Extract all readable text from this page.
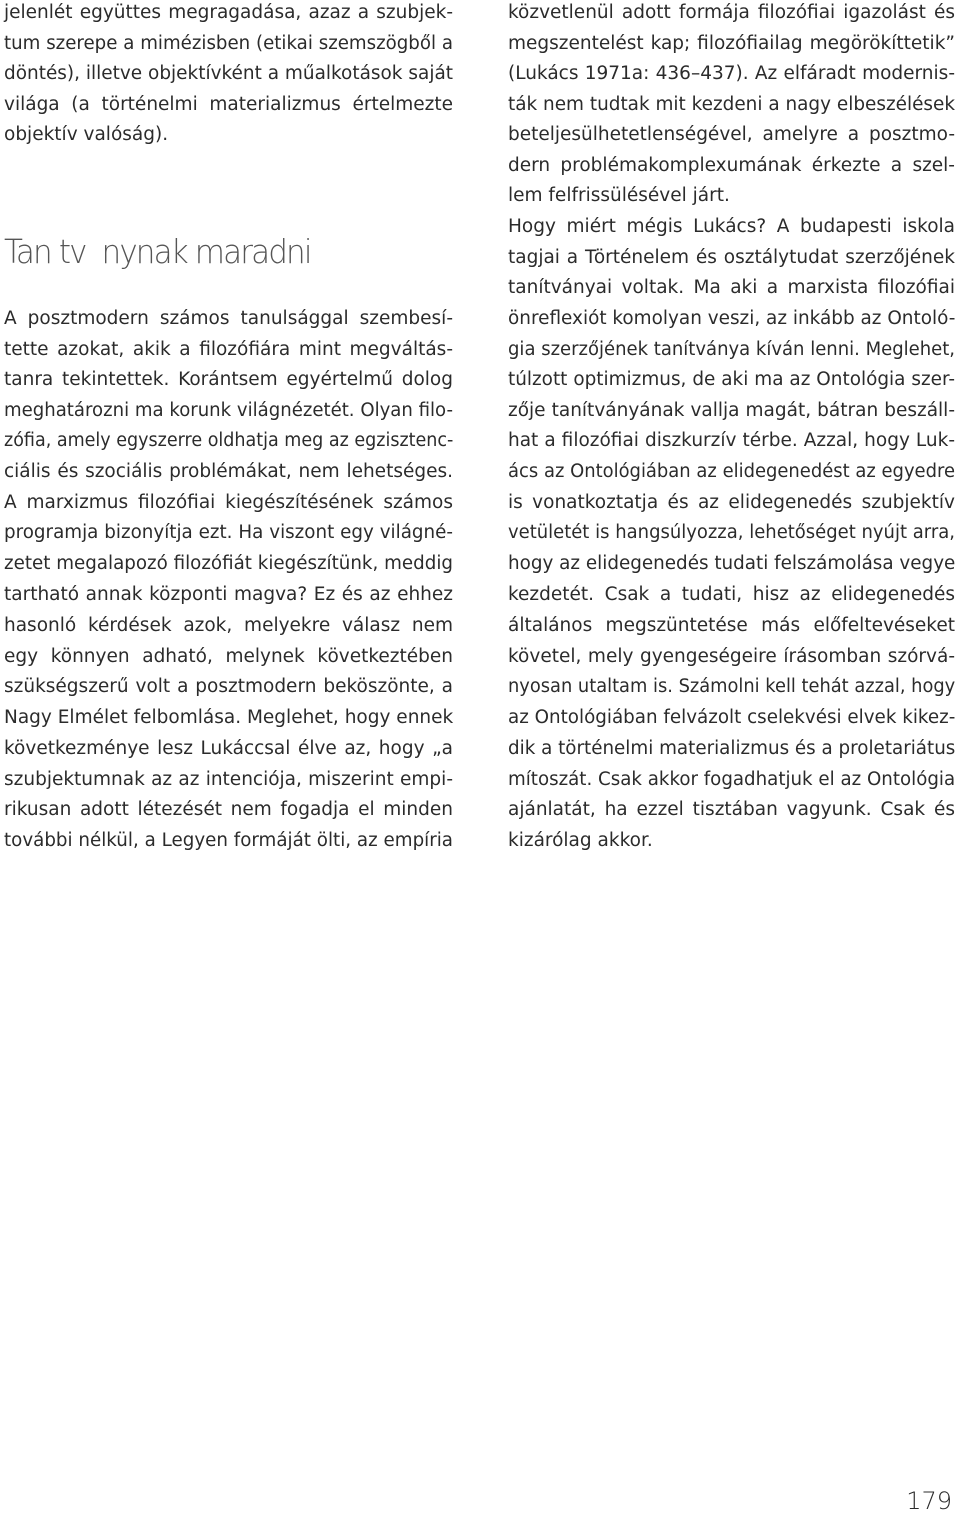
jelenlét együttes megragadása, azaz a szubjek-
tum szerepe a mimézisben (etikai szemszögből a
döntés), illetve objektívként a műalkotások saját
világa (a történelmi materializmus értelmezte
objektív valóság).
A posztmodern számos tanulsággal szembesí-
tette azokat, akik a filozófiára mint megváltás-
tanra tekintettek. Korántsem egyértelmű dolog
meghatározni ma korunk világnézetét. Olyan filo-
zófia, amely egyszerre oldhatja meg az egzisztenc-
ciális és szociális problémákat, nem lehetséges.
A marxizmus filozófiai kiegészítésének számos
programja bizonyítja ezt. Ha viszont egy világné-
zetet megalapozó filozófiát kiegészítünk, meddig
tartható annak központi magva? Ez és az ehhez
hasonló kérdések azok, melyekre válasz nem
egy könnyen adható, melynek következtében
szükségszerű volt a posztmodern beköszönte, a
Nagy Elmélet felbomlása. Meglehet, hogy ennek
következménye lesz Lukáccsal élve az, hogy „a
szubjektumnak az az intenciója, miszerint empi-
rikusan adott létezését nem fogadja el minden
további nélkül, a Legyen formáját ölti, az empíria
Tan tv  nynak maradni
közvetlenül adott formája filozófiai igazolást és
megszentelést kap; filozófiailag megörökíttetik”
(Lukács 1971a: 436–437). Az elfáradt modernis-
ták nem tudtak mit kezdeni a nagy elbeszélések
beteljesülhetetlenségével, amelyre a posztmo-
dern problémakomplexumának érkezte a szel-
lem felfrissülésével járt.
Hogy miért mégis Lukács? A budapesti iskola
tagjai a Történelem és osztálytudat szerzőjének
tanítványai voltak. Ma aki a marxista filozófiai
önreflexiót komolyan veszi, az inkább az Ontoló-
gia szerzőjének tanítványa kíván lenni. Meglehet,
túlzott optimizmus, de aki ma az Ontológia szer-
zője tanítványának vallja magát, bátran beszáll-
hat a filozófiai diszkurzív térbe. Azzal, hogy Luk-
ács az Ontológiában az elidegenedést az egyedre
is vonatkoztatja és az elidegenedés szubjektív
vetületét is hangsúlyozza, lehetőséget nyújt arra,
hogy az elidegenedés tudati felszámolása vegye
kezdetét. Csak a tudati, hisz az elidegenedés
általános megszüntetése más előfeltevéseket
követel, mely gyengeségeire írásomban szórvá-
nyosan utaltam is. Számolni kell tehát azzal, hogy
az Ontológiában felvázolt cselekvési elvek kikez-
dik a történelmi materializmus és a proletariátus
mítoszát. Csak akkor fogadhatjuk el az Ontológia
ajánlatát, ha ezzel tisztában vagyunk. Csak és
kizárólag akkor.
179
